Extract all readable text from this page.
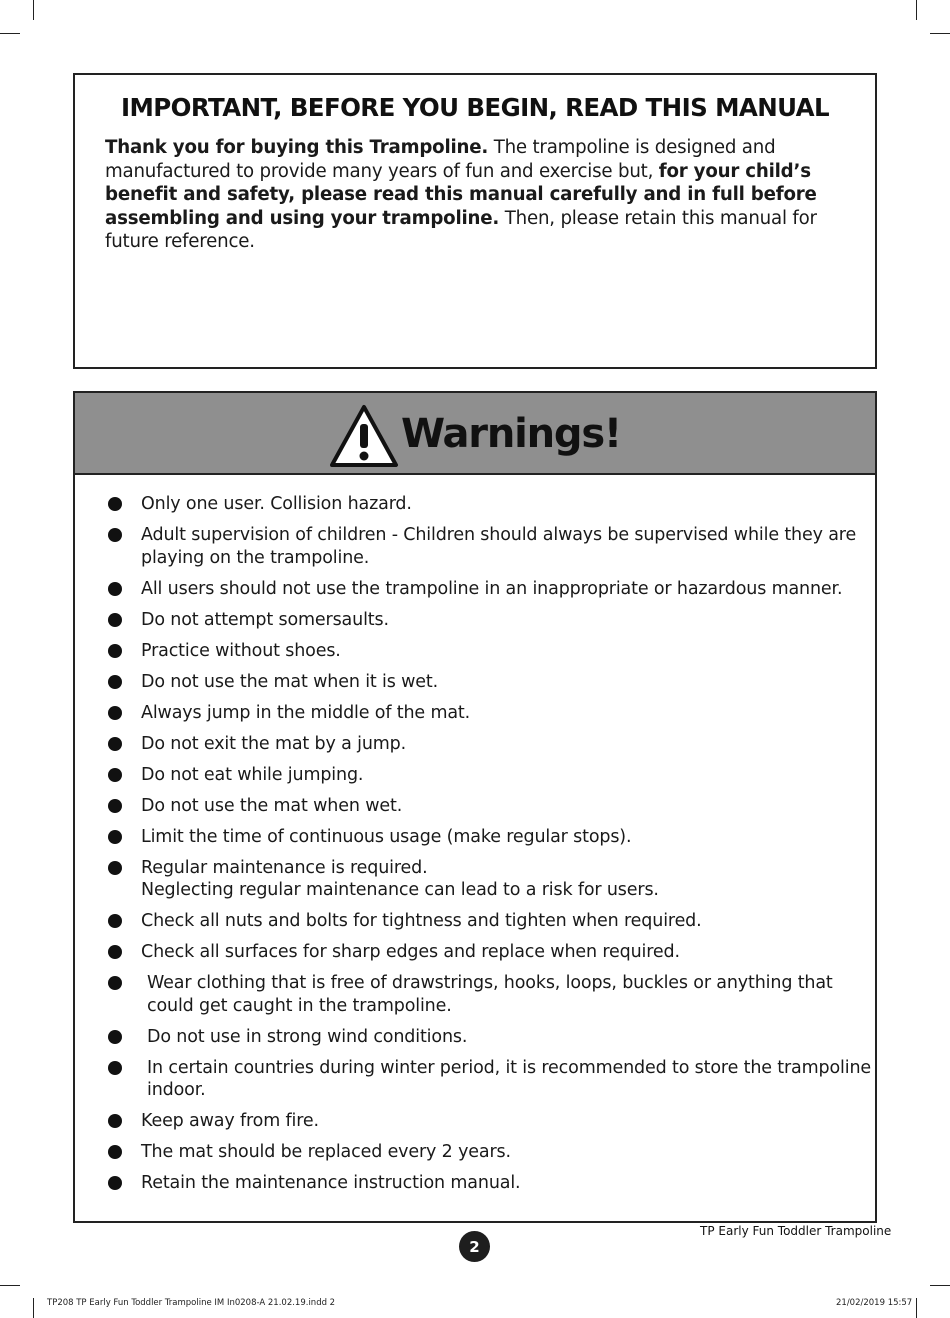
IMPORTANT, BEFORE YOU BEGIN, READ THIS MANUAL

Thank you for buying this Trampoline. The trampoline is designed and manufactured to provide many years of fun and exercise but, for your child’s benefit and safety, please read this manual carefully and in full before assembling and using your trampoline. Then, please retain this manual for future reference.

Warnings!
Only one user. Collision hazard.
Adult supervision of children - Children should always be supervised while they are playing on the trampoline.
All users should not use the trampoline in an inappropriate or hazardous manner.
Do not attempt somersaults.
Practice without shoes.
Do not use the mat when it is wet.
Always jump in the middle of the mat.
Do not exit the mat by a jump.
Do not eat while jumping.
Do not use the mat when wet.
Limit the time of continuous usage (make regular stops).
Regular maintenance is required.
Neglecting regular maintenance can lead to a risk for users.
Check all nuts and bolts for tightness and tighten when required.
Check all surfaces for sharp edges and replace when required.
Wear clothing that is free of drawstrings, hooks, loops, buckles or anything that could get caught in the trampoline.
Do not use in strong wind conditions.
In certain countries during winter period, it is recommended to store the trampoline indoor.
Keep away from fire.
The mat should be replaced every 2 years.
Retain the maintenance instruction manual.
2
TP Early Fun Toddler Trampoline
TP208 TP Early Fun Toddler Trampoline IM In0208-A 21.02.19.indd 2	21/02/2019 15:57
